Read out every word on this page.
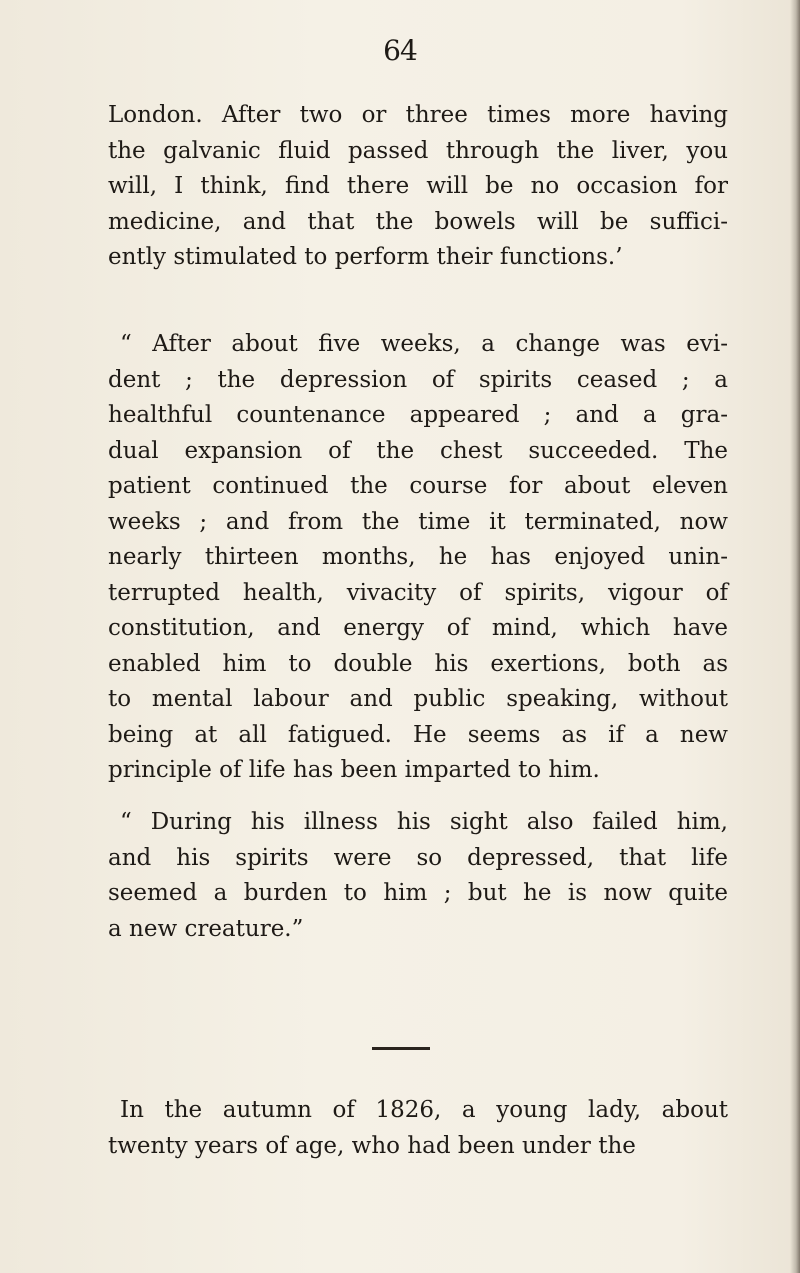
64
London. After two or three times more having
the galvanic fluid passed through the liver, you
will, I think, find there will be no occasion for
medicine, and that the bowels will be suffici-
ently stimulated to perform their functions.’
“ After about five weeks, a change was evi-
dent ; the depression of spirits ceased ; a
healthful countenance appeared ; and a gra-
dual expansion of the chest succeeded. The
patient continued the course for about eleven
weeks ; and from the time it terminated, now
nearly thirteen months, he has enjoyed unin-
terrupted health, vivacity of spirits, vigour of
constitution, and energy of mind, which have
enabled him to double his exertions, both as
to mental labour and public speaking, without
being at all fatigued. He seems as if a new
principle of life has been imparted to him.
“ During his illness his sight also failed him,
and his spirits were so depressed, that life
seemed a burden to him ; but he is now quite
a new creature.”
In the autumn of 1826, a young lady, about
twenty years of age, who had been under the
